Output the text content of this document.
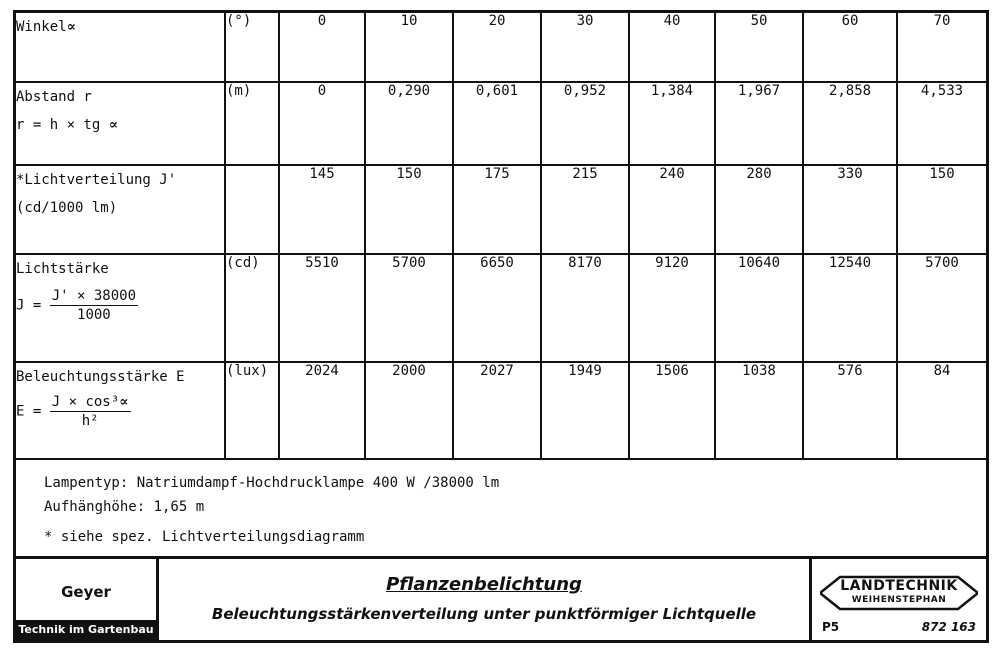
Winkel∝	(°)	0	10	20	30	40	50	60	70

Abstand r
r = h × tg ∝	(m)	0	0,290	0,601	0,952	1,384	1,967	2,858	4,533

*Lichtverteilung J'
(cd/1000 lm)		145	150	175	215	240	280	330	150

Lichtstärke
$J = \frac{J' \times 38000}{1000}$	(cd)	5510	5700	6650	8170	9120	10640	12540	5700

Beleuchtungsstärke E
$E = \frac{\text{J × cos³∝}}{\text{h²}}$	(lux)	2024	2000	2027	1949	1506	1038	576	84
Lampentyp: Natriumdampf-Hochdrucklampe 400 W /38000 lm
Aufhänghöhe: 1,65 m
* siehe spez. Lichtverteilungsdiagramm
Geyer
Technik im Gartenbau
Pflanzenbelichtung
Beleuchtungsstärkenverteilung unter punktförmiger Lichtquelle
LANDTECHNIK
WEIHENSTEPHAN
P5	872 163
